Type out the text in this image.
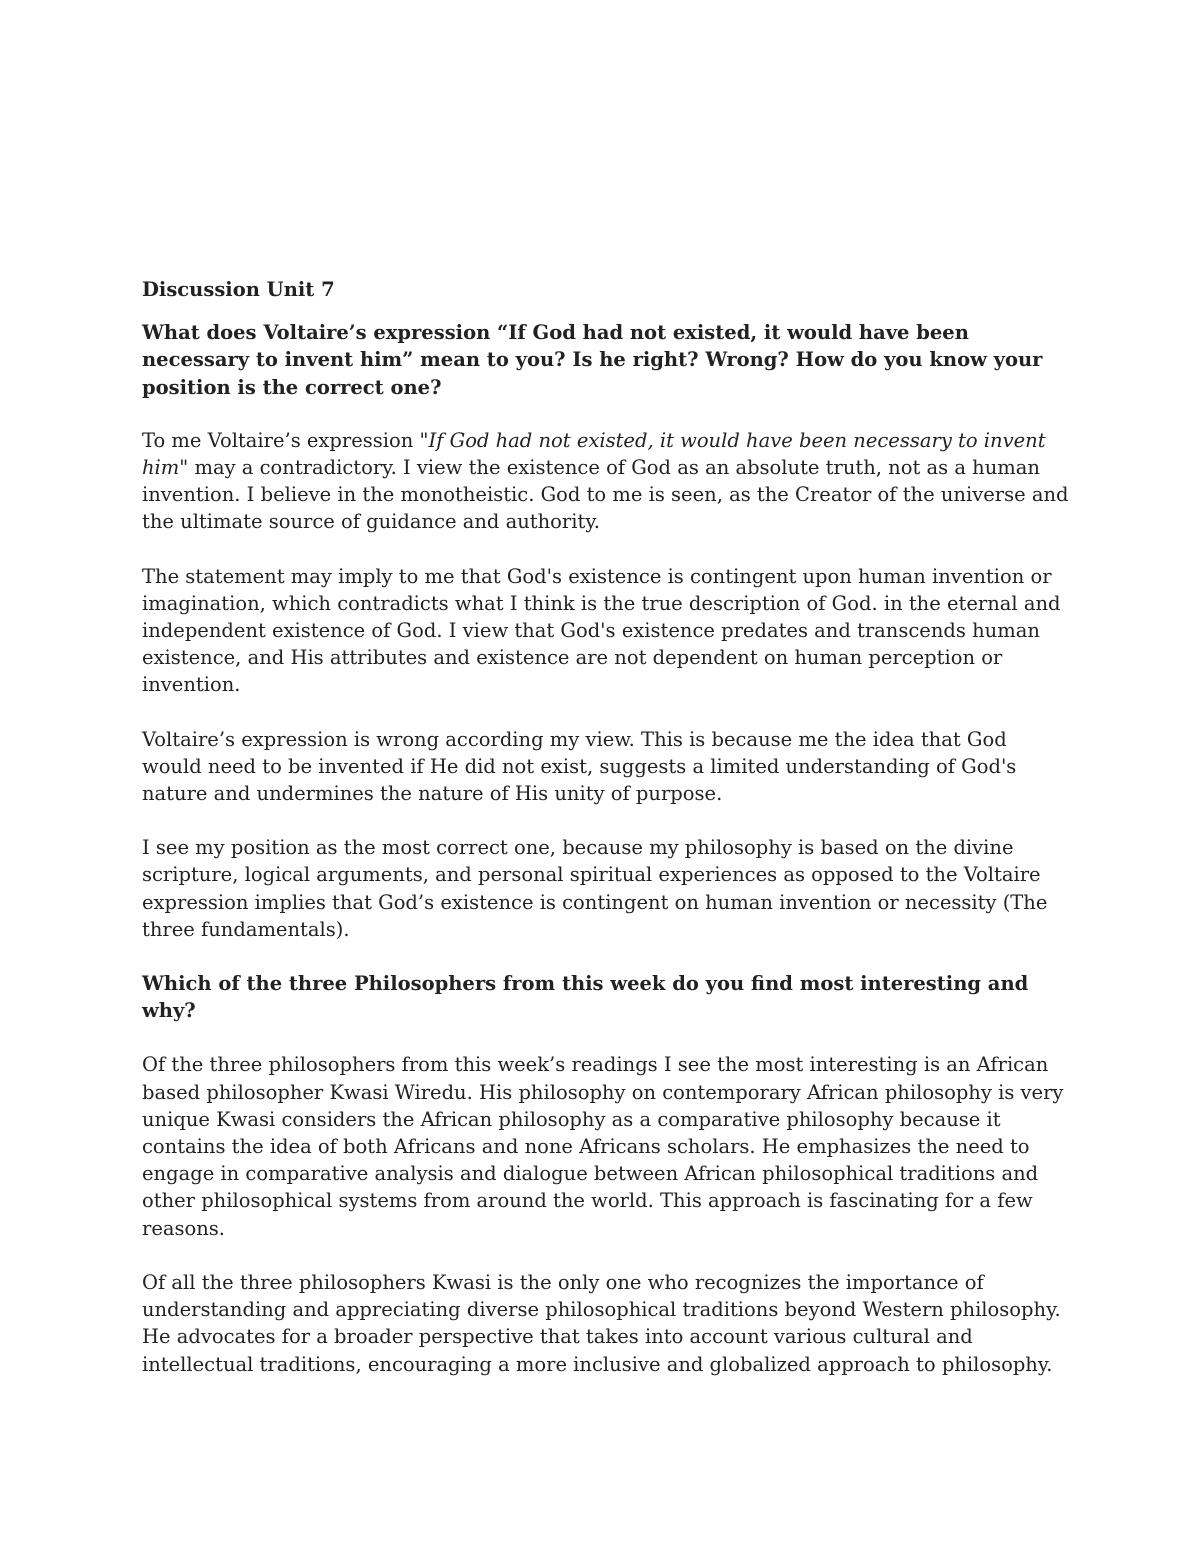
Discussion Unit 7

What does Voltaire’s expression “If God had not existed, it would have been necessary to invent him” mean to you? Is he right? Wrong? How do you know your position is the correct one?

To me Voltaire’s expression "If God had not existed, it would have been necessary to invent him" may a contradictory. I view the existence of God as an absolute truth, not as a human invention. I believe in the monotheistic. God to me is seen, as the Creator of the universe and the ultimate source of guidance and authority.

The statement may imply to me that God's existence is contingent upon human invention or imagination, which contradicts what I think is the true description of God. in the eternal and independent existence of God. I view that God's existence predates and transcends human existence, and His attributes and existence are not dependent on human perception or invention.

Voltaire’s expression is wrong according my view. This is because me the idea that God would need to be invented if He did not exist, suggests a limited understanding of God's nature and undermines the nature of His unity of purpose.

I see my position as the most correct one, because my philosophy is based on the divine scripture, logical arguments, and personal spiritual experiences as opposed to the Voltaire expression implies that God’s existence is contingent on human invention or necessity (The three fundamentals).

Which of the three Philosophers from this week do you find most interesting and why?

Of the three philosophers from this week’s readings I see the most interesting is an African based philosopher Kwasi Wiredu. His philosophy on contemporary African philosophy is very unique Kwasi considers the African philosophy as a comparative philosophy because it contains the idea of both Africans and none Africans scholars. He emphasizes the need to engage in comparative analysis and dialogue between African philosophical traditions and other philosophical systems from around the world. This approach is fascinating for a few reasons.

Of all the three philosophers Kwasi is the only one who recognizes the importance of understanding and appreciating diverse philosophical traditions beyond Western philosophy. He advocates for a broader perspective that takes into account various cultural and intellectual traditions, encouraging a more inclusive and globalized approach to philosophy.
